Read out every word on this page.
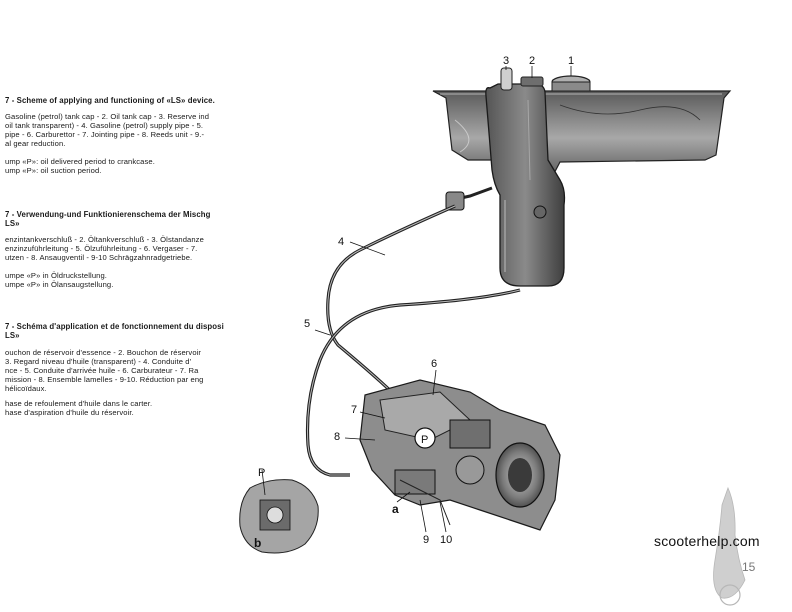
7 - Scheme of applying and functioning of «LS» device.
Gasoline (petrol) tank cap - 2. Oil tank cap - 3. Reserve ind
oil tank transparent) - 4. Gasoline (petrol) supply pipe - 5.
pipe - 6. Carburettor - 7. Jointing pipe - 8. Reeds unit - 9.-
al gear reduction.
ump «P»: oil delivered period to crankcase.
ump «P»: oil suction period.
7 - Verwendung-und Funktionierenschema der Mischg
LS»
enzintankverschluß - 2. Öltankverschluß - 3. Ölstandanze
enzinzuführleitung - 5. Ölzuführleitung - 6. Vergaser - 7.
utzen - 8. Ansaugventil - 9-10 Schrägzahnradgetriebe.
umpe «P» in Öldruckstellung.
umpe «P» in Ölansaugstellung.
7 - Schéma d'application et de fonctionnement du disposi
LS»
ouchon de réservoir d'essence - 2. Bouchon de réservoir
3. Regard niveau d'huile (transparent) - 4. Conduite d'
nce - 5. Conduite d'arrivée huile - 6. Carburateur - 7. Ra
mission - 8. Ensemble lamelles - 9-10. Réduction par eng
hélicoïdaux.
hase de refoulement d'huile dans le carter.
hase d'aspiration d'huile du réservoir.
1
2
3
4
5
6
7
8
9 10
a
b
P
P
scooterhelp.com
15
